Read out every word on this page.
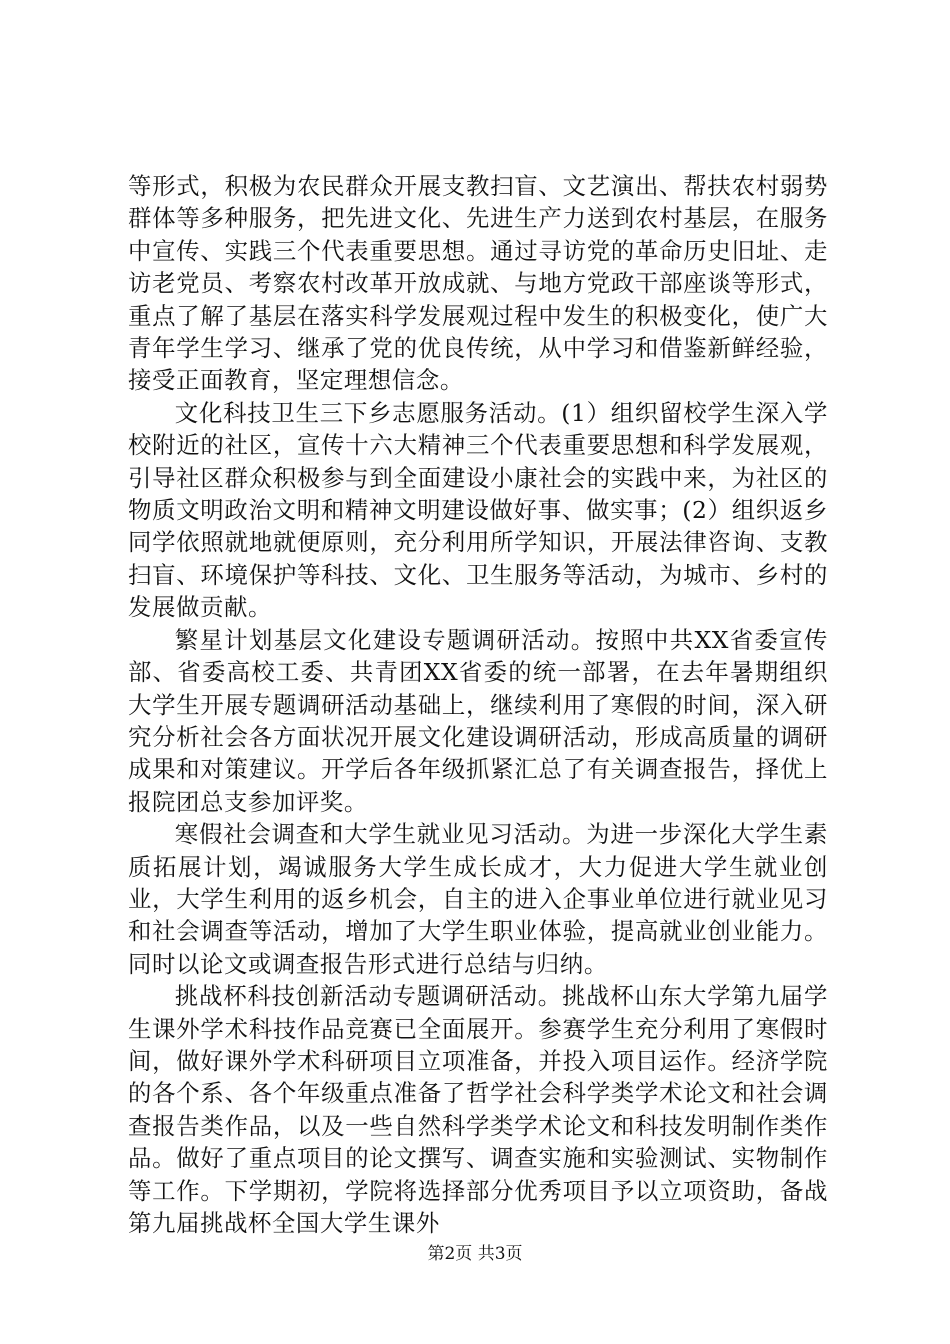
等形式，积极为农民群众开展支教扫盲、文艺演出、帮扶农村弱势群体等多种服务，把先进文化、先进生产力送到农村基层，在服务中宣传、实践三个代表重要思想。通过寻访党的革命历史旧址、走访老党员、考察农村改革开放成就、与地方党政干部座谈等形式，重点了解了基层在落实科学发展观过程中发生的积极变化，使广大青年学生学习、继承了党的优良传统，从中学习和借鉴新鲜经验，接受正面教育，坚定理想信念。

文化科技卫生三下乡志愿服务活动。(1）组织留校学生深入学校附近的社区，宣传十六大精神三个代表重要思想和科学发展观，引导社区群众积极参与到全面建设小康社会的实践中来，为社区的物质文明政治文明和精神文明建设做好事、做实事；(2）组织返乡同学依照就地就便原则，充分利用所学知识，开展法律咨询、支教扫盲、环境保护等科技、文化、卫生服务等活动，为城市、乡村的发展做贡献。

繁星计划基层文化建设专题调研活动。按照中共XX省委宣传部、省委高校工委、共青团XX省委的统一部署，在去年暑期组织大学生开展专题调研活动基础上，继续利用了寒假的时间，深入研究分析社会各方面状况开展文化建设调研活动，形成高质量的调研成果和对策建议。开学后各年级抓紧汇总了有关调查报告，择优上报院团总支参加评奖。

寒假社会调查和大学生就业见习活动。为进一步深化大学生素质拓展计划，竭诚服务大学生成长成才，大力促进大学生就业创业，大学生利用的返乡机会，自主的进入企事业单位进行就业见习和社会调查等活动，增加了大学生职业体验，提高就业创业能力。同时以论文或调查报告形式进行总结与归纳。

挑战杯科技创新活动专题调研活动。挑战杯山东大学第九届学生课外学术科技作品竞赛已全面展开。参赛学生充分利用了寒假时间，做好课外学术科研项目立项准备，并投入项目运作。经济学院的各个系、各个年级重点准备了哲学社会科学类学术论文和社会调查报告类作品，以及一些自然科学类学术论文和科技发明制作类作品。做好了重点项目的论文撰写、调查实施和实验测试、实物制作等工作。下学期初，学院将选择部分优秀项目予以立项资助，备战第九届挑战杯全国大学生课外

第2页 共3页
